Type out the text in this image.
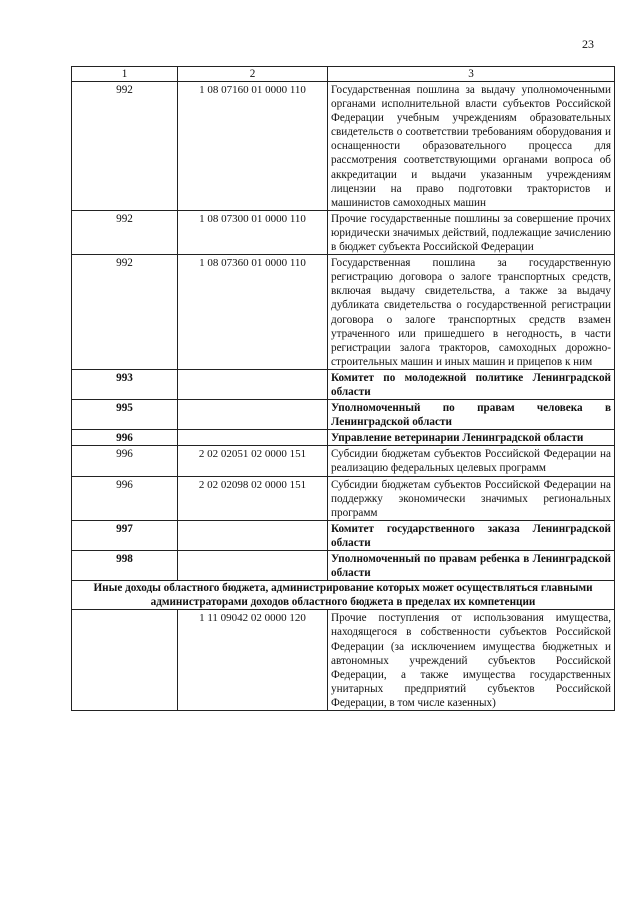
23
1	2	3
992	1 08 07160 01 0000 110	Государственная пошлина за выдачу уполномоченными органами исполнительной власти субъектов Российской Федерации учебным учреждениям образовательных свидетельств о соответствии требованиям оборудования и оснащенности образовательного процесса для рассмотрения соответствующими органами вопроса об аккредитации и выдачи указанным учреждениям лицензии на право подготовки трактористов и машинистов самоходных машин
992	1 08 07300 01 0000 110	Прочие государственные пошлины за совершение прочих юридически значимых действий, подлежащие зачислению в бюджет субъекта Российской Федерации
992	1 08 07360 01 0000 110	Государственная пошлина за государственную регистрацию договора о залоге транспортных средств, включая выдачу свидетельства, а также за выдачу дубликата свидетельства о государственной регистрации договора о залоге транспортных средств взамен утраченного или пришедшего в негодность, в части регистрации залога тракторов, самоходных дорожно-строительных машин и иных машин и прицепов к ним
993		Комитет по молодежной политике Ленинградской области
995		Уполномоченный по правам человека в Ленинградской области
996		Управление ветеринарии Ленинградской области
996	2 02 02051 02 0000 151	Субсидии бюджетам субъектов Российской Федерации на реализацию федеральных целевых программ
996	2 02 02098 02 0000 151	Субсидии бюджетам субъектов Российской Федерации на поддержку экономически значимых региональных программ
997		Комитет государственного заказа Ленинградской области
998		Уполномоченный по правам ребенка в Ленинградской области
Иные доходы областного бюджета, администрирование которых может осуществляться главными администраторами доходов областного бюджета в пределах их компетенции		
	1 11 09042 02 0000 120	Прочие поступления от использования имущества, находящегося в собственности субъектов Российской Федерации (за исключением имущества бюджетных и автономных учреждений субъектов Российской Федерации, а также имущества государственных унитарных предприятий субъектов Российской Федерации, в том числе казенных)
